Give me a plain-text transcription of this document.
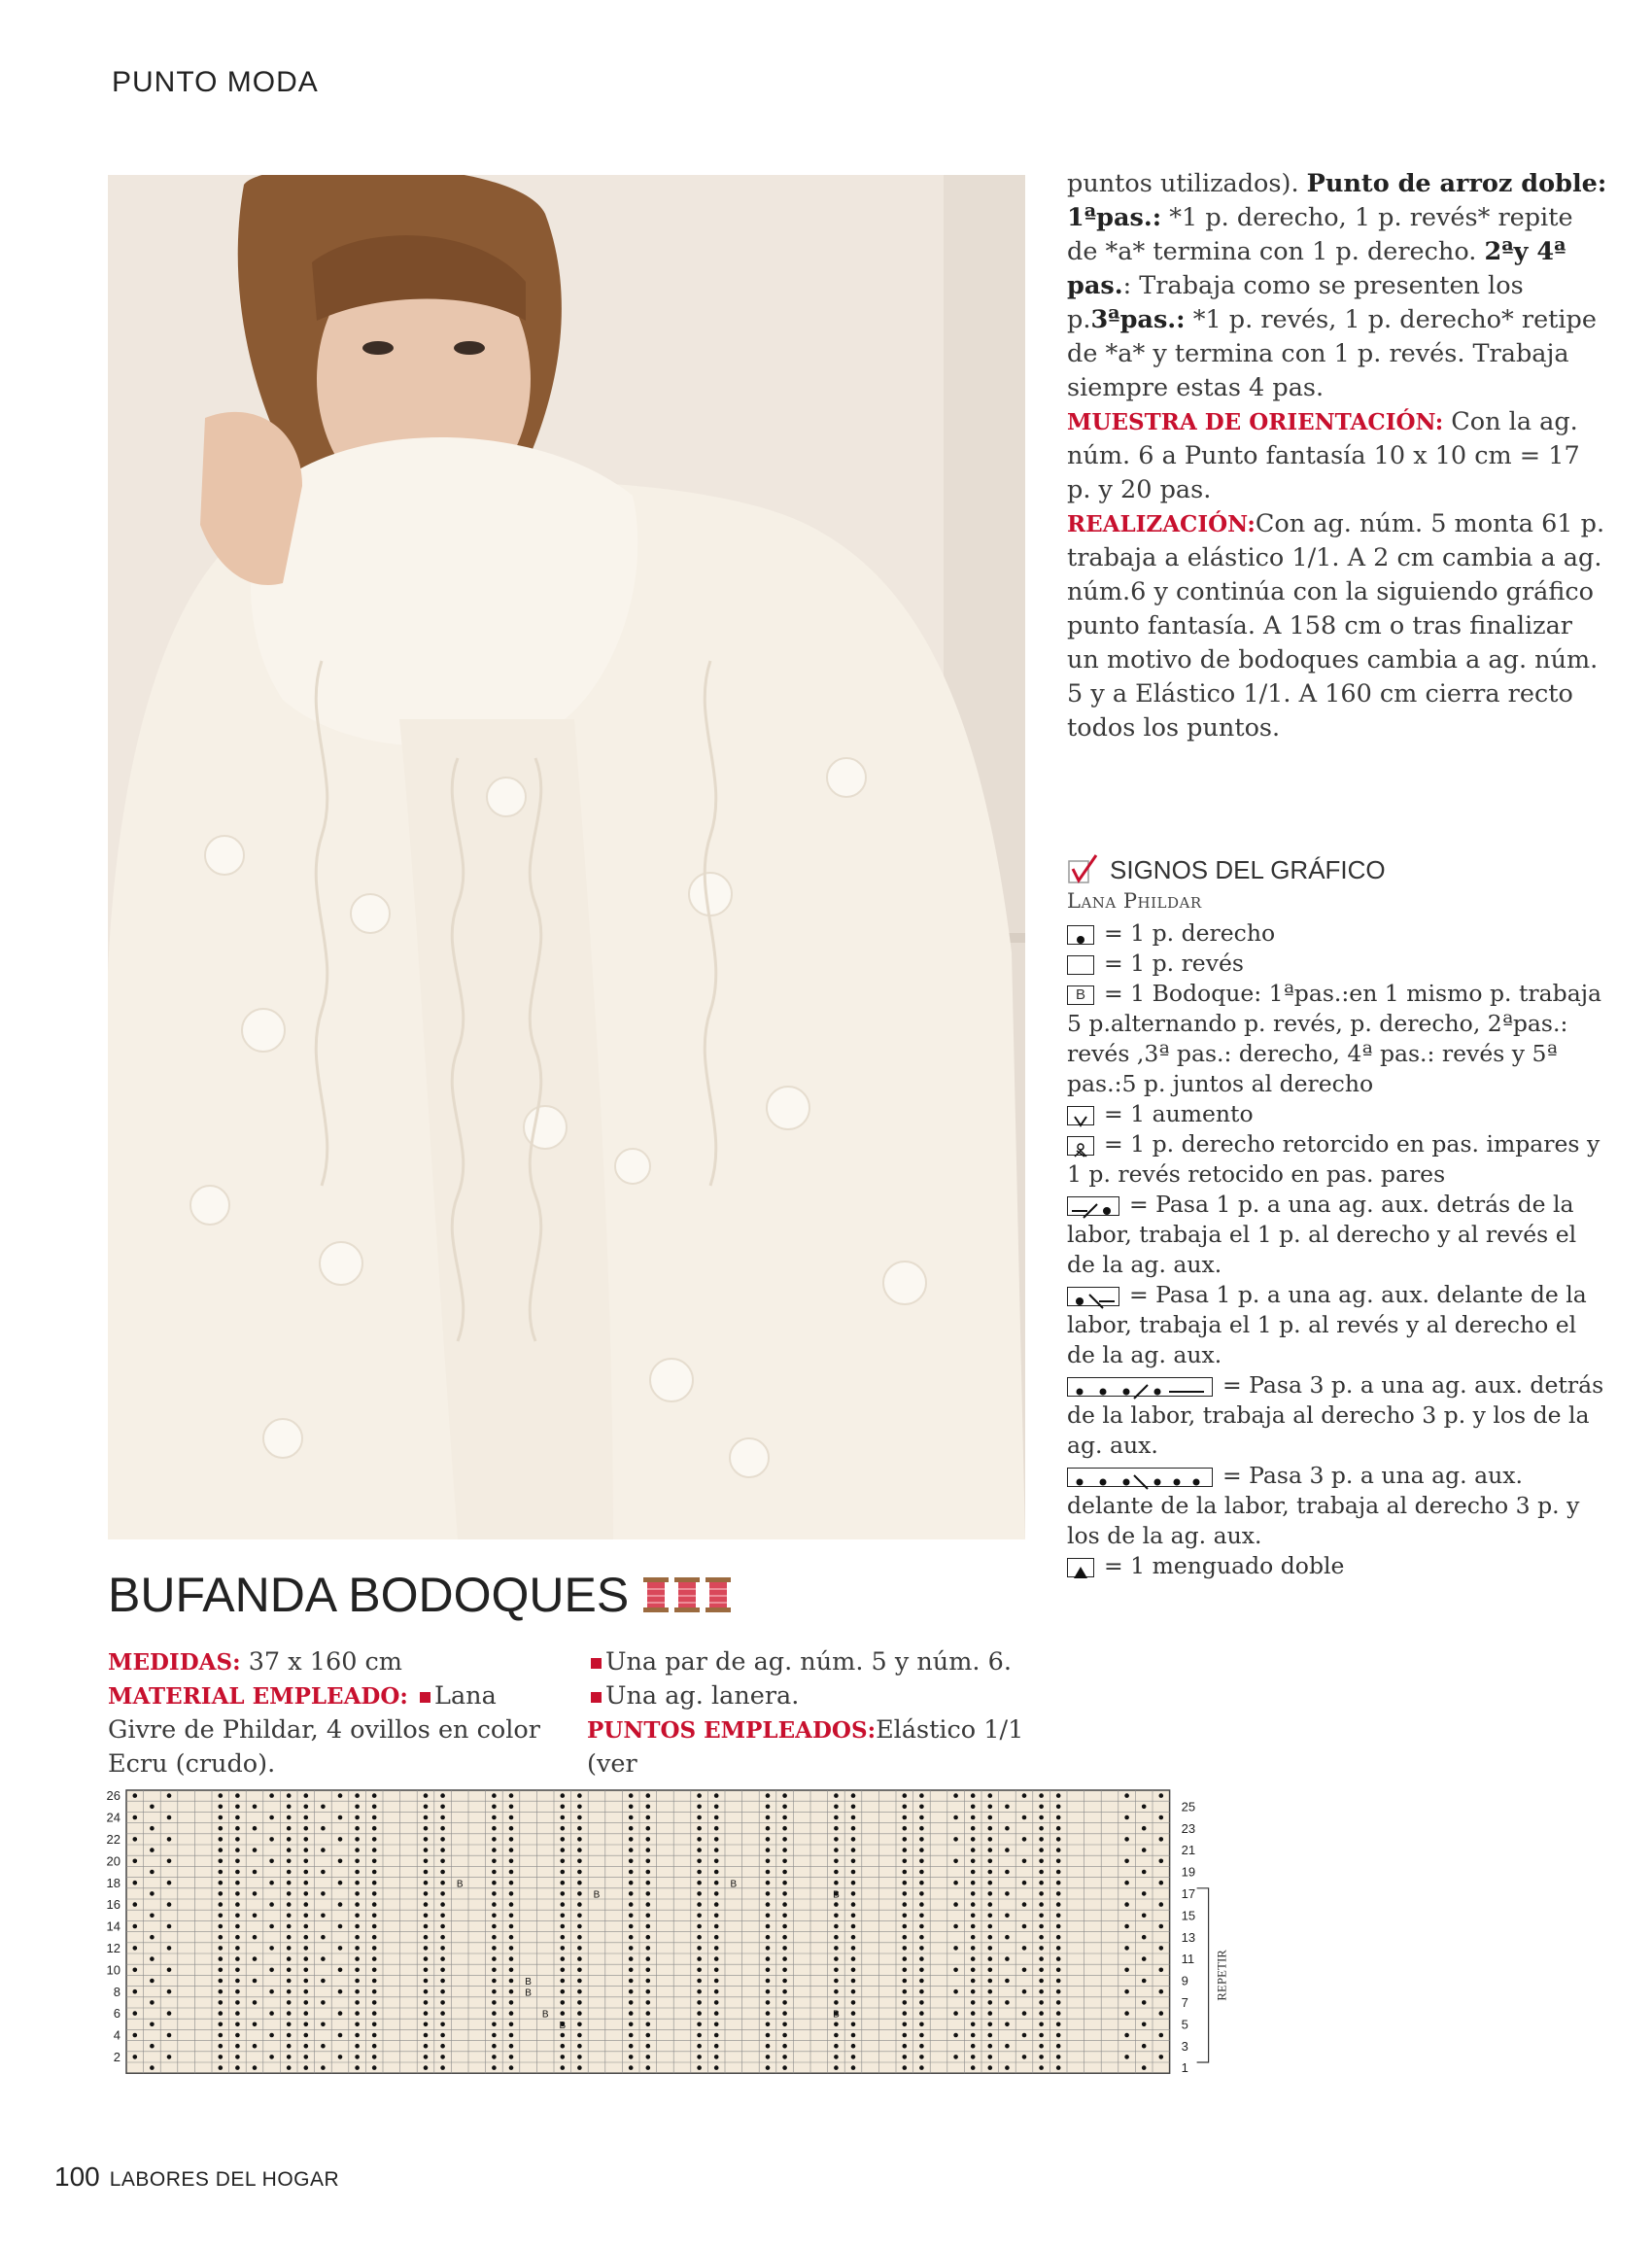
PUNTO MODA

puntos utilizados). Punto de arroz doble: 1ªpas.: *1 p. derecho, 1 p. revés* repite de *a* termina con 1 p. derecho. 2ªy 4ª pas.: Trabaja como se presenten los p.3ªpas.: *1 p. revés, 1 p. derecho* retipe de *a* y termina con 1 p. revés. Trabaja siempre estas 4 pas.

MUESTRA DE ORIENTACIÓN: Con la ag. núm. 6 a Punto fantasía 10 x 10 cm = 17 p. y 20 pas.

REALIZACIÓN:Con ag. núm. 5 monta 61 p. trabaja a elástico 1/1. A 2 cm cambia a ag. núm.6 y continúa con la siguiendo gráfico punto fantasía. A 158 cm o tras finalizar un motivo de bodoques cambia a ag. núm. 5 y a Elástico 1/1. A 160 cm cierra recto todos los puntos.

SIGNOS DEL GRÁFICO
Lana Phildar

= 1 p. derecho

= 1 p. revés

B = 1 Bodoque: 1ªpas.:en 1 mismo p. trabaja 5 p.alternando p. revés, p. derecho, 2ªpas.: revés ,3ª pas.: derecho, 4ª pas.: revés y 5ª pas.:5 p. juntos al derecho

= 1 aumento

= 1 p. derecho retorcido en pas. impares y 1 p. revés retocido en pas. pares

= Pasa 1 p. a una ag. aux. detrás de la labor, trabaja el 1 p. al derecho y al revés el de la ag. aux.

= Pasa 1 p. a una ag. aux. delante de la labor, trabaja el 1 p. al revés y al derecho el de la ag. aux.

= Pasa 3 p. a una ag. aux. detrás de la labor, trabaja al derecho 3 p. y los de la ag. aux.

= Pasa 3 p. a una ag. aux. delante de la labor, trabaja al derecho 3 p. y los de la ag. aux.

= 1 menguado doble

BUFANDA BODOQUES

MEDIDAS: 37 x 160 cm

MATERIAL EMPLEADO: Lana Givre de Phildar, 4 ovillos en color Ecru (crudo).

Una par de ag. núm. 5 y núm. 6. Una ag. lanera.

PUNTOS EMPLEADOS:Elástico 1/1 (ver

B
B
B
B
B
B
B
B
B
26
24
22
20
18
16
14
12
10
8
6
4
2
25
23
21
19
17
15
13
11
9
7
5
3
1
REPETIR
100 LABORES DEL HOGAR
